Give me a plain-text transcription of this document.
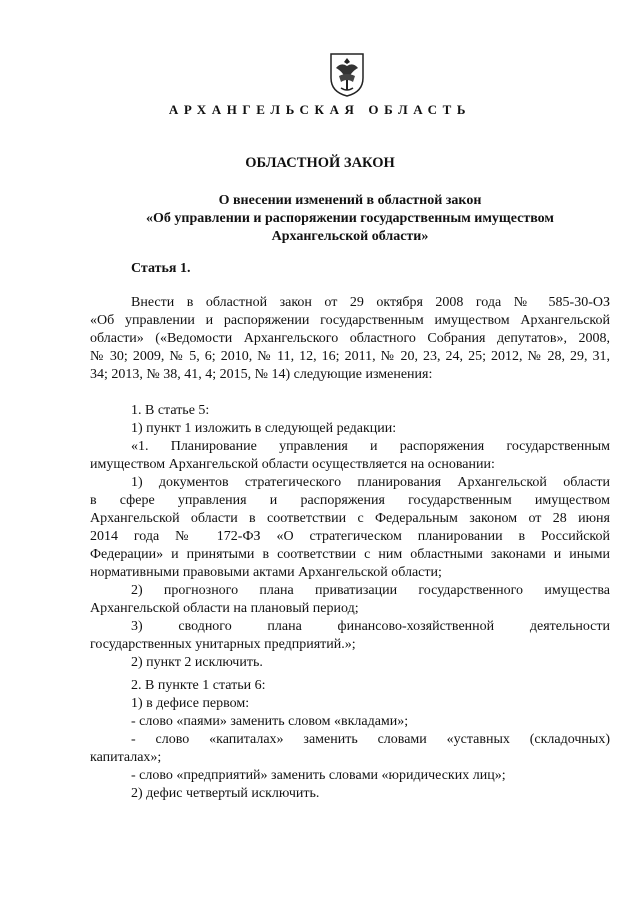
АРХАНГЕЛЬСКАЯ ОБЛАСТЬ
ОБЛАСТНОЙ ЗАКОН
О внесении изменений в областной закон
«Об управлении и распоряжении государственным имуществом
Архангельской области»
Статья 1.

Внести в областной закон от 29 октября 2008 года № 585-30-ОЗ

«Об управлении и распоряжении государственным имуществом Архангельской

области» («Ведомости Архангельского областного Собрания депутатов», 2008,

№ 30; 2009, № 5, 6; 2010, № 11, 12, 16; 2011, № 20, 23, 24, 25; 2012, № 28, 29, 31,

34; 2013, № 38, 41, 4; 2015, № 14) следующие изменения:

1. В статье 5:

1) пункт 1 изложить в следующей редакции:

«1. Планирование управления и распоряжения государственным

имуществом Архангельской области осуществляется на основании:

1) документов стратегического планирования Архангельской области

в сфере управления и распоряжения государственным имуществом

Архангельской области в соответствии с Федеральным законом от 28 июня

2014 года № 172-ФЗ «О стратегическом планировании в Российской

Федерации» и принятыми в соответствии с ним областными законами и иными

нормативными правовыми актами Архангельской области;

2) прогнозного плана приватизации государственного имущества

Архангельской области на плановый период;

3) сводного плана финансово-хозяйственной деятельности

государственных унитарных предприятий.»;

2) пункт 2 исключить.

2. В пункте 1 статьи 6:

1) в дефисе первом:

- слово «паями» заменить словом «вкладами»;

- слово «капиталах» заменить словами «уставных (складочных)

капиталах»;

- слово «предприятий» заменить словами «юридических лиц»;

2) дефис четвертый исключить.
